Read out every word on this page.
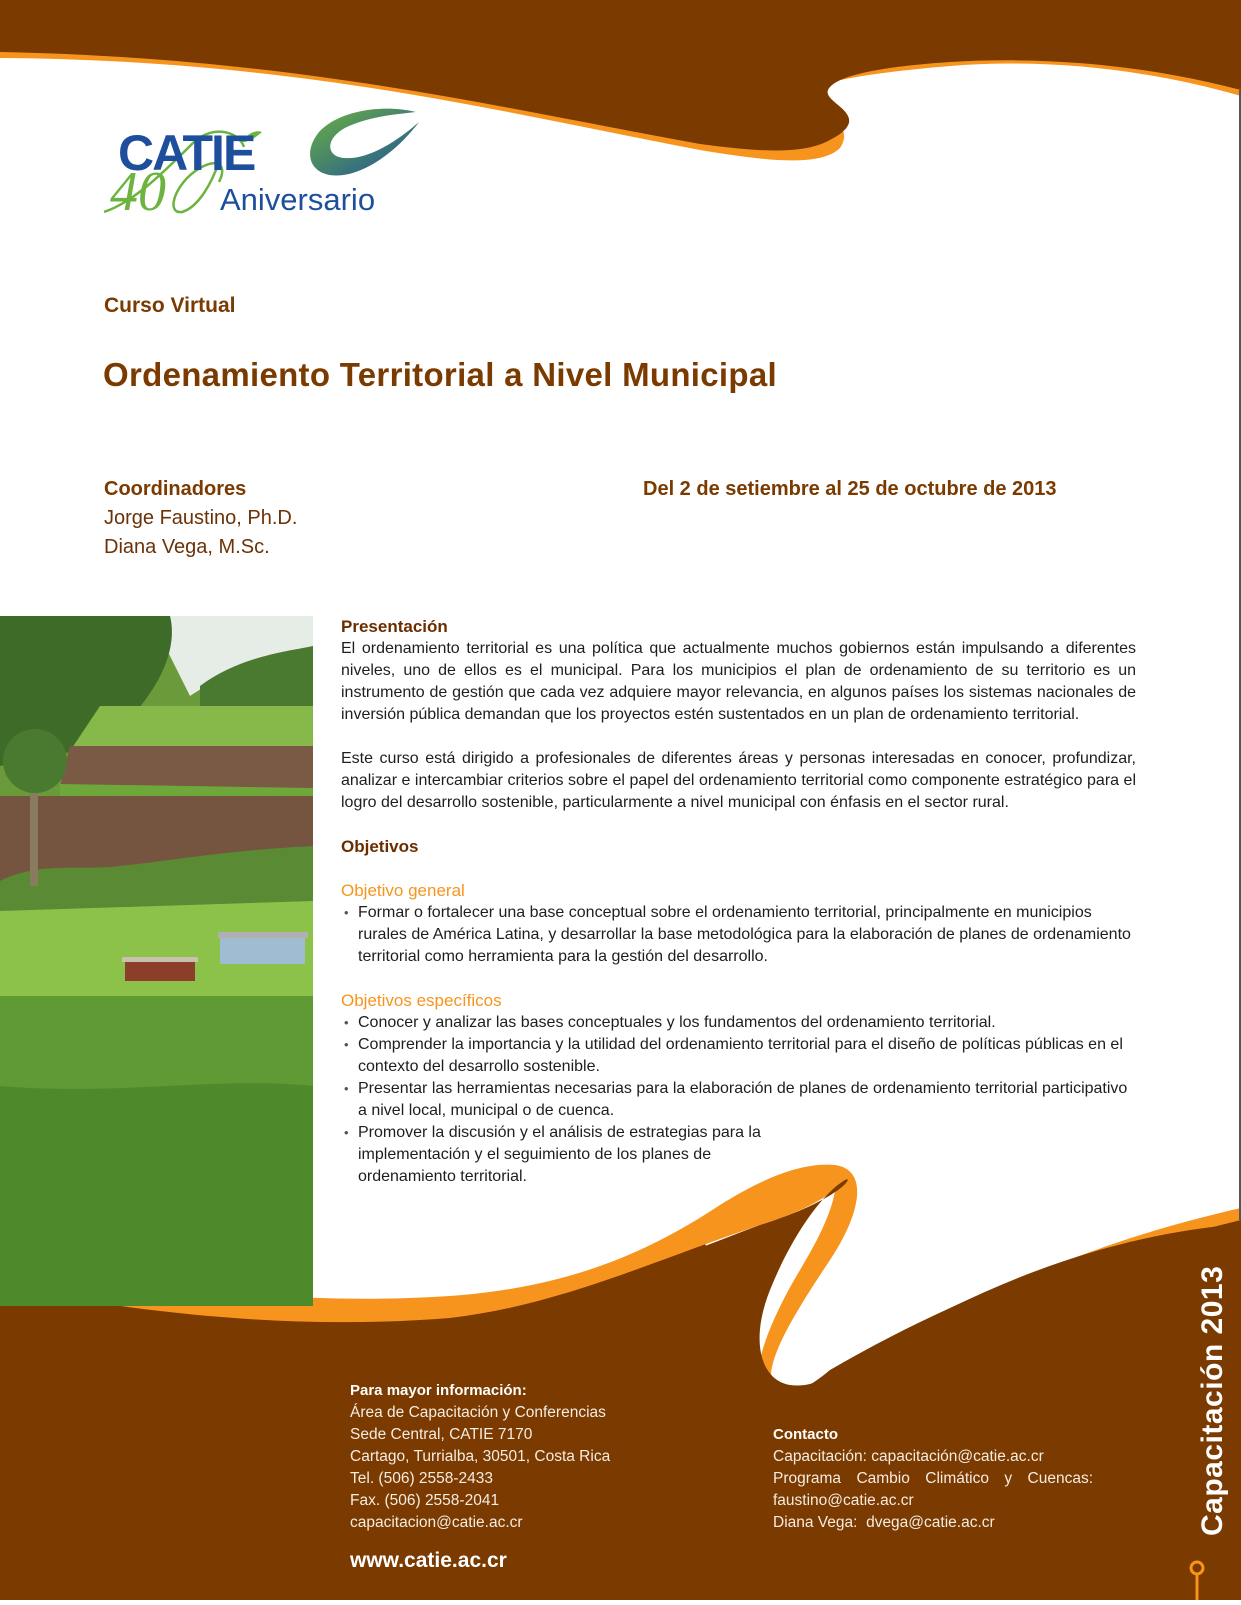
CATIE
40 Aniversario
Curso Virtual
Ordenamiento Territorial a Nivel Municipal
Coordinadores
Jorge Faustino, Ph.D.
Diana Vega, M.Sc.
Del 2 de setiembre al 25 de octubre de 2013
Presentación

El ordenamiento territorial es una política que actualmente muchos gobiernos están impulsando a diferentes niveles, uno de ellos es el municipal. Para los municipios el plan de ordenamiento de su territorio es un instrumento de gestión que cada vez adquiere mayor relevancia, en algunos países los sistemas nacionales de inversión pública demandan que los proyectos estén sustentados en un plan de ordenamiento territorial.

Este curso está dirigido a profesionales de diferentes áreas y personas interesadas en conocer, profundizar, analizar e intercambiar criterios sobre el papel del ordenamiento territorial como componente estratégico para el logro del desarrollo sostenible, particularmente a nivel municipal con énfasis en el sector rural.

Objetivos
Objetivo general
• Formar o fortalecer una base conceptual sobre el ordenamiento territorial, principalmente en municipios rurales de América Latina, y desarrollar la base metodológica para la elaboración de planes de ordenamiento territorial como herramienta para la gestión del desarrollo.
Objetivos específicos
• Conocer y analizar las bases conceptuales y los fundamentos del ordenamiento territorial.
• Comprender la importancia y la utilidad del ordenamiento territorial para el diseño de políticas públicas en el contexto del desarrollo sostenible.
• Presentar las herramientas necesarias para la elaboración de planes de ordenamiento territorial participativo a nivel local, municipal o de cuenca.
• Promover la discusión y el análisis de estrategias para la implementación y el seguimiento de los planes de ordenamiento territorial.
Para mayor información:
Área de Capacitación y Conferencias
Sede Central, CATIE 7170
Cartago, Turrialba, 30501, Costa Rica
Tel. (506) 2558-2433
Fax. (506) 2558-2041
capacitacion@catie.ac.cr
www.catie.ac.cr
Contacto
Capacitación: capacitación@catie.ac.cr
Programa Cambio Climático y Cuencas:
faustino@catie.ac.cr
Diana Vega:  dvega@catie.ac.cr	Capacitación 2013
